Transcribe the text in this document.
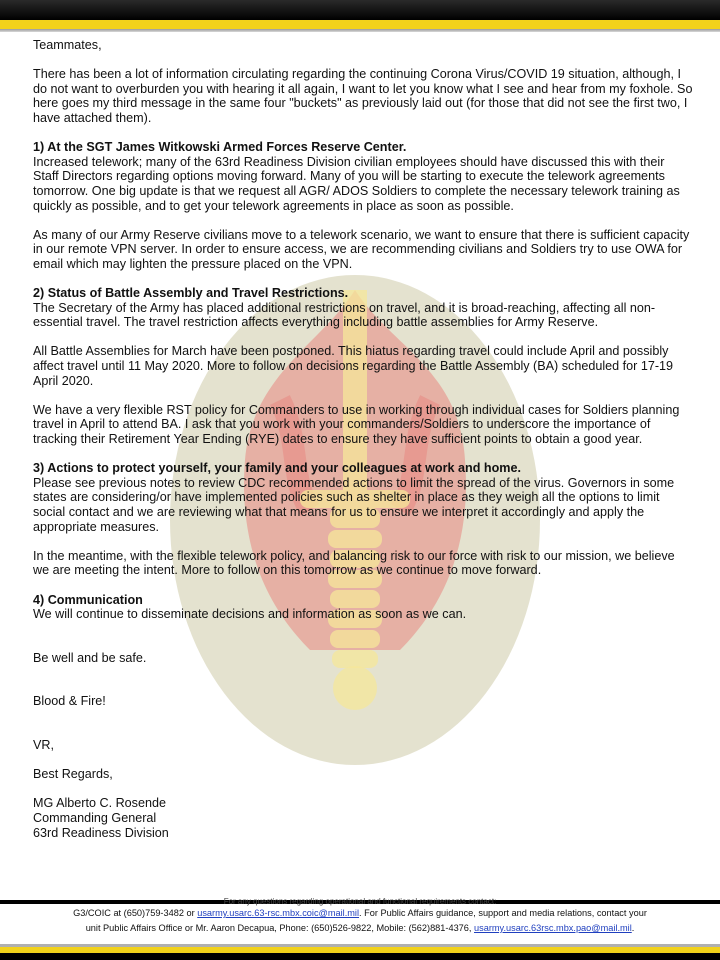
Teammates,

There has been a lot of information circulating regarding the continuing Corona Virus/COVID 19 situation, although, I do not want to overburden you with hearing it all again, I want to let you know what I see and hear from my foxhole. So here goes my third message in the same four "buckets" as previously laid out (for those that did not see the first two, I have attached them).

1) At the SGT James Witkowski Armed Forces Reserve Center.

Increased telework; many of the 63rd Readiness Division civilian employees should have discussed this with their Staff Directors regarding options moving forward. Many of you will be starting to execute the telework agreements tomorrow. One big update is that we request all AGR/ ADOS Soldiers to complete the necessary telework training as quickly as possible, and to get your telework agreements in place as soon as possible.

As many of our Army Reserve civilians move to a telework scenario, we want to ensure that there is sufficient capacity in our remote VPN server. In order to ensure access, we are recommending civilians and Soldiers try to use OWA for email which may lighten the pressure placed on the VPN.

2) Status of Battle Assembly and Travel Restrictions.

The Secretary of the Army has placed additional restrictions on travel, and it is broad-reaching, affecting all non-essential travel. The travel restriction affects everything including battle assemblies for Army Reserve.

All Battle Assemblies for March have been postponed. This hiatus regarding travel could include April and possibly affect travel until 11 May 2020. More to follow on decisions regarding the Battle Assembly (BA) scheduled for 17-19 April 2020.

We have a very flexible RST policy for Commanders to use in working through individual cases for Soldiers planning travel in April to attend BA. I ask that you work with your commanders/Soldiers to underscore the importance of tracking their Retirement Year Ending (RYE) dates to ensure they have sufficient points to obtain a good year.

3) Actions to protect yourself, your family and your colleagues at work and home.

Please see previous notes to review CDC recommended actions to limit the spread of the virus. Governors in some states are considering/or have implemented policies such as shelter in place as they weigh all the options to limit social contact and we are reviewing what that means for us to ensure we interpret it accordingly and apply the appropriate measures.

In the meantime, with the flexible telework policy, and balancing risk to our force with risk to our mission, we believe we are meeting the intent. More to follow on this tomorrow as we continue to move forward.

4) Communication

We will continue to disseminate decisions and information as soon as we can.

Be well and be safe.

Blood & Fire!

VR,

Best Regards,

MG Alberto C. Rosende

Commanding General

63rd Readiness Division

For any questions regarding operational and functional requirements contact:
G3/COIC at (650)759-3482 or usarmy.usarc.63-rsc.mbx.coic@mail.mil. For Public Affairs guidance, support and media relations, contact your
unit Public Affairs Office or Mr. Aaron Decapua, Phone: (650)526-9822, Mobile: (562)881-4376, usarmy.usarc.63rsc.mbx.pao@mail.mil.
